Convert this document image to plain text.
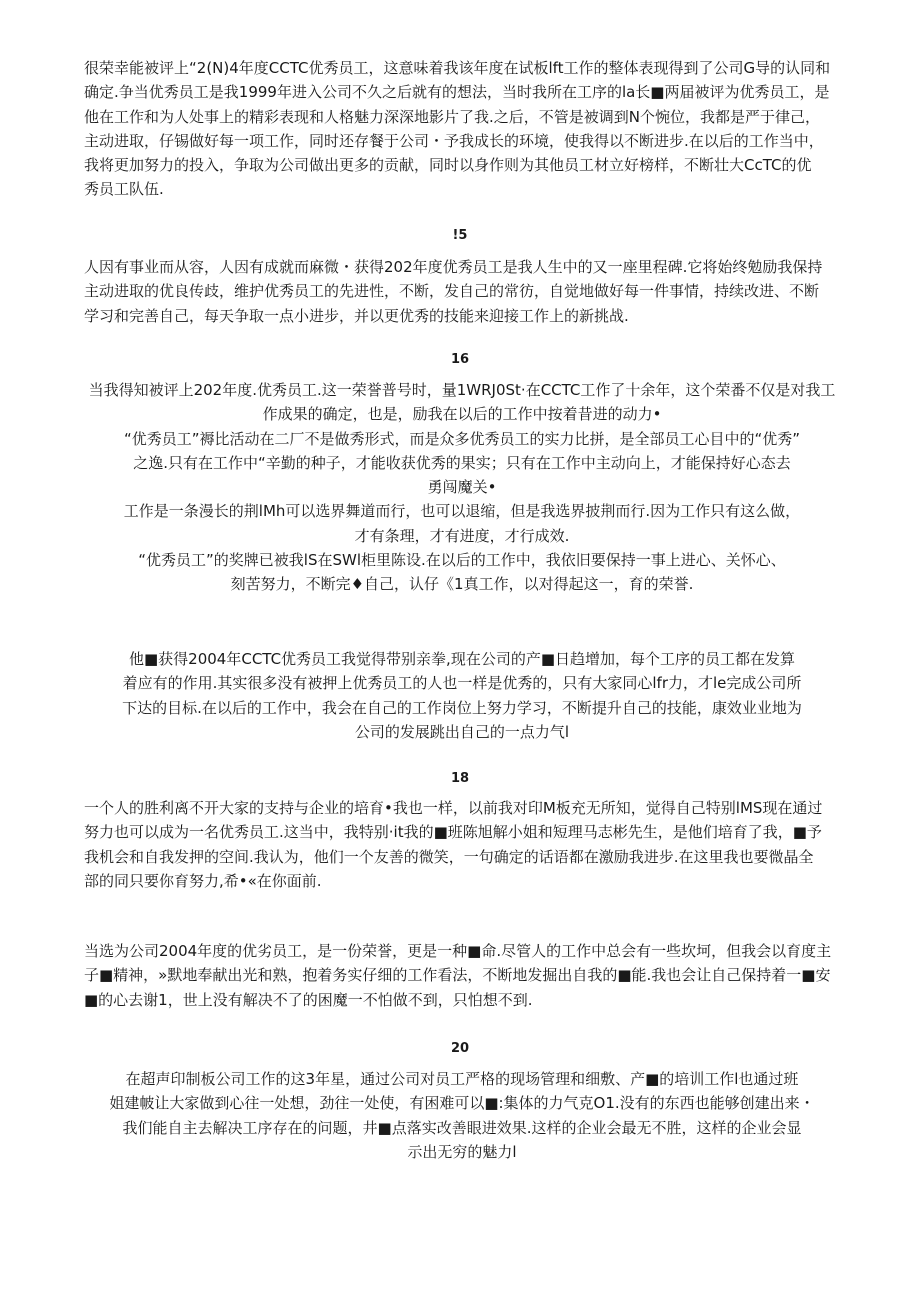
很荣幸能被评上“2(N)4年度CCTC优秀员工，这意味着我该年度在试板lft工作的整体表现得到了公司G导的认同和

确定.争当优秀员工是我1999年进入公司不久之后就有的想法，当时我所在工序的la长■两届被评为优秀员工，是

他在工作和为人处事上的精彩表现和人格魅力深深地影片了我.之后，不管是被调到N个惋位，我都是严于律己，

主动进取，仔锡做好每一项工作，同时还存餐于公司・予我成长的环境，使我得以不断进步.在以后的工作当中，

我将更加努力的投入，争取为公司做出更多的贡献，同时以身作则为其他员工材立好榜样，不断壮大CcTC的优

秀员工队伍.

!5

人因有事业而从容，人因有成就而麻微・获得202年度优秀员工是我人生中的又一座里程碑.它将始终勉励我保持

主动进取的优良传歧，维护优秀员工的先进性，不断，发自己的常彷，自觉地做好每一件事情，持续改进、不断

学习和完善自己，每天争取一点小进步，并以更优秀的技能来迎接工作上的新挑战.

16

当我得知被评上202年度.优秀员工.这一荣誉普号时，量1WRJ0St·在CCTC工作了十余年，这个荣番不仅是对我工

作成果的确定，也是，励我在以后的工作中按着昔进的动力•

“优秀员工”褥比活动在二厂不是做秀形式，而是众多优秀员工的实力比拼，是全部员工心目中的“优秀”

之逸.只有在工作中“辛勤的种子，才能收获优秀的果实；只有在工作中主动向上，才能保持好心态去

勇闯魔关•

工作是一条漫长的荆lMh可以选界舞道而行，也可以退缩，但是我选界披荆而行.因为工作只有这么做，

才有条理，才有进度，才行成效.

“优秀员工”的奖牌已被我lS在SWl柜里陈设.在以后的工作中，我依旧要保持一事上进心、关怀心、

刻苦努力，不断完♦自己，认仔《1真工作，以对得起这一，育的荣誉.

他■获得2004年CCTC优秀员工我觉得带别亲拳,现在公司的产■日趋增加，每个工序的员工都在发算

着应有的作用.其实很多没有被押上优秀员工的人也一样是优秀的，只有大家同心lfr力，才le完成公司所

下达的目标.在以后的工作中，我会在自己的工作岗位上努力学习，不断提升自己的技能，康效业业地为

公司的发展跳出自己的一点力气l

18

一个人的胜利离不开大家的支持与企业的培育•我也一样，以前我对印M板充无所知，觉得自己特别lMS现在通过

努力也可以成为一名优秀员工.这当中，我特别·it我的■班陈旭解小姐和短理马志彬先生，是他们培育了我，■予

我机会和自我发押的空间.我认为，他们一个友善的微笑，一句确定的话语都在激励我进步.在这里我也要微晶全

部的同只要你育努力,希•«在你面前.

当选为公司2004年度的优劣员工，是一份荣誉，更是一种■命.尽管人的工作中总会有一些坎坷，但我会以育度主

子■精神，»默地奉献出光和熟，抱着务实仔细的工作看法，不断地发掘出自我的■能.我也会让自己保持着一■安

■的心去谢1，世上没有解决不了的困魔一不怕做不到，只怕想不到.

20

在超声印制板公司工作的这3年星，通过公司对员工严格的现场管理和细敷、产■的培训工作l也通过班

姐建帔让大家做到心往一处想，劲往一处使，有困难可以■:集体的力气克O1.没有的东西也能够创建出来・

我们能自主去解决工序存在的问题，井■点落实改善眼进效果.这样的企业会最无不胜，这样的企业会显

示出无穷的魅力l
